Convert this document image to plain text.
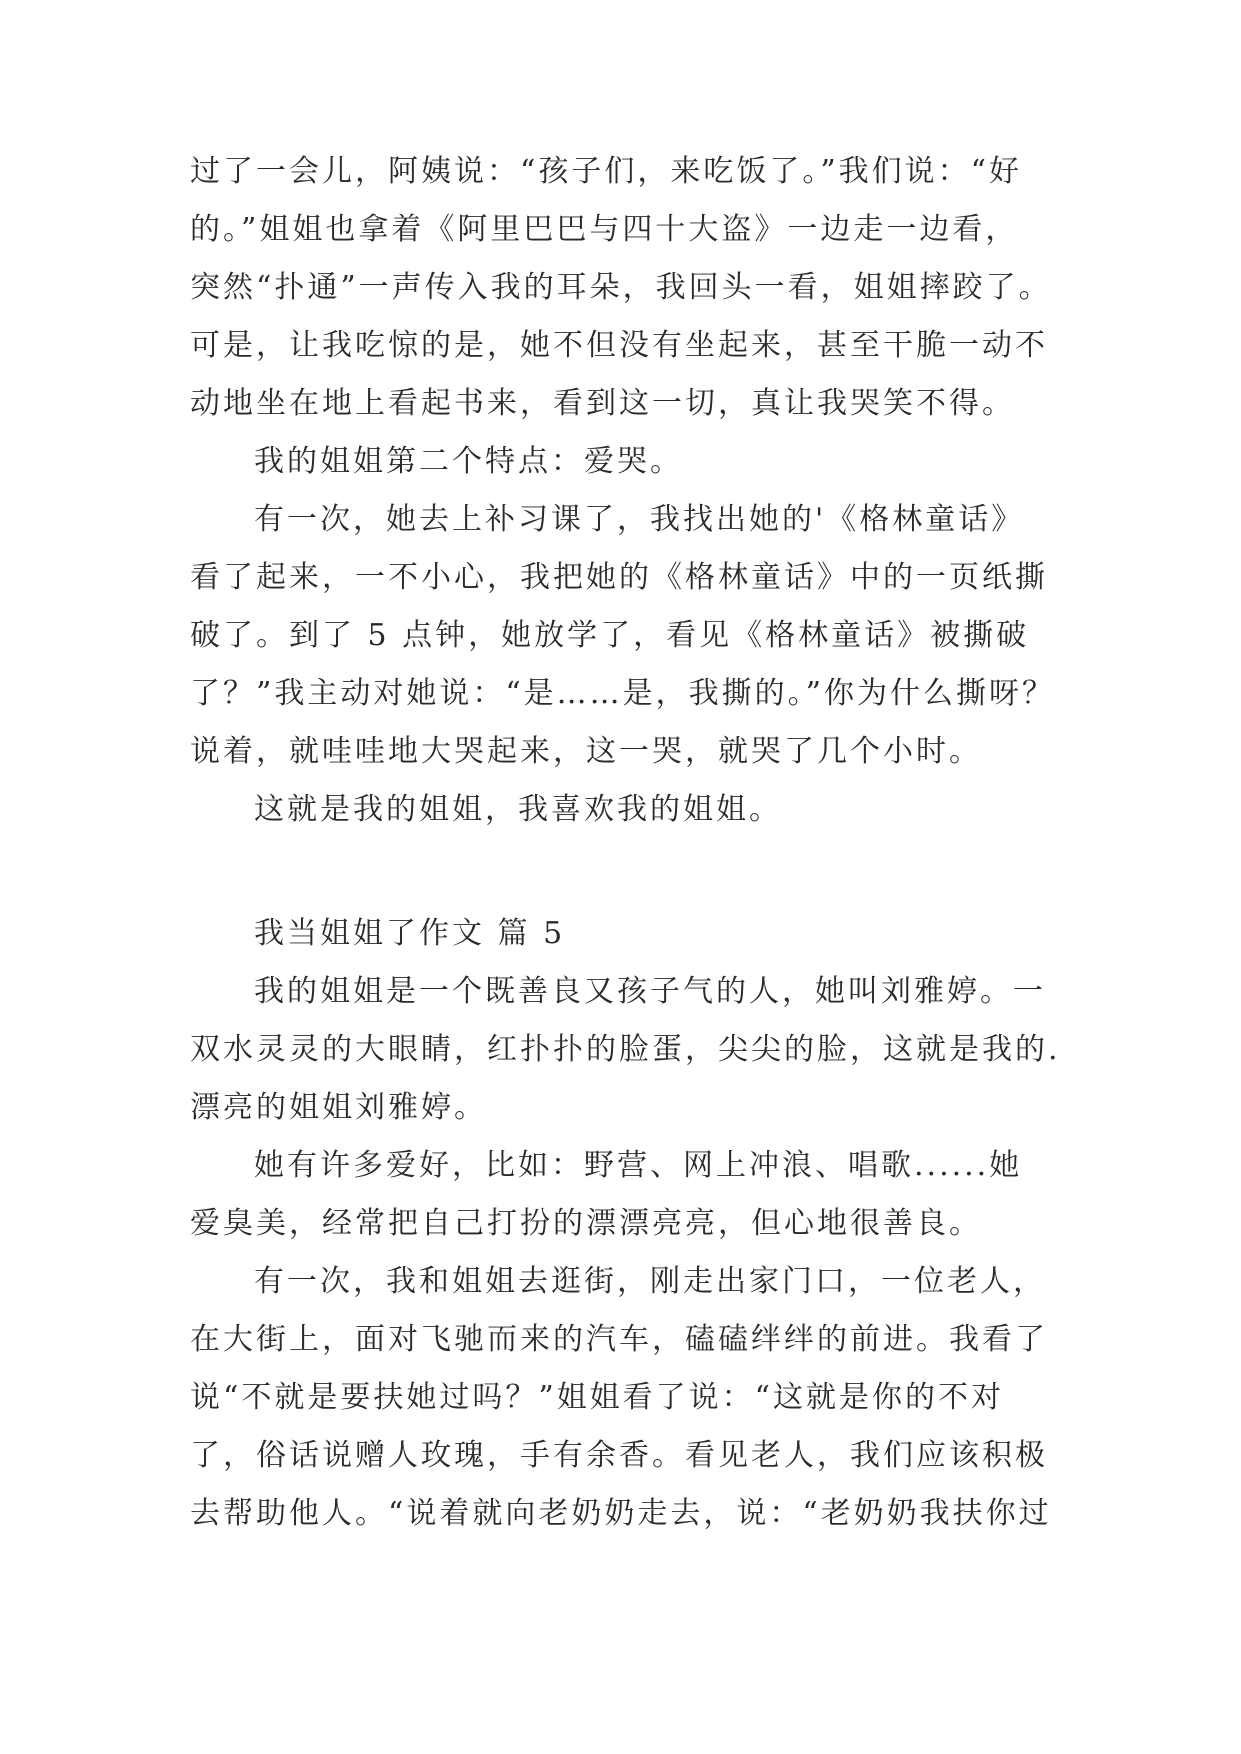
过了一会儿，阿姨说：“孩子们，来吃饭了。”我们说：“好

的。”姐姐也拿着《阿里巴巴与四十大盗》一边走一边看，

突然“扑通”一声传入我的耳朵，我回头一看，姐姐摔跤了。

可是，让我吃惊的是，她不但没有坐起来，甚至干脆一动不

动地坐在地上看起书来，看到这一切，真让我哭笑不得。

我的姐姐第二个特点：爱哭。

有一次，她去上补习课了，我找出她的'《格林童话》

看了起来，一不小心，我把她的《格林童话》中的一页纸撕

破了。到了 5 点钟，她放学了，看见《格林童话》被撕破

了？”我主动对她说：“是……是，我撕的。”你为什么撕呀？

说着，就哇哇地大哭起来，这一哭，就哭了几个小时。

这就是我的姐姐，我喜欢我的姐姐。

我当姐姐了作文 篇 5

我的姐姐是一个既善良又孩子气的人，她叫刘雅婷。一

双水灵灵的大眼睛，红扑扑的脸蛋，尖尖的脸，这就是我的.

漂亮的姐姐刘雅婷。

她有许多爱好，比如：野营、网上冲浪、唱歌......她

爱臭美，经常把自己打扮的漂漂亮亮，但心地很善良。

有一次，我和姐姐去逛街，刚走出家门口，一位老人，

在大街上，面对飞驰而来的汽车，磕磕绊绊的前进。我看了

说“不就是要扶她过吗？”姐姐看了说：“这就是你的不对

了，俗话说赠人玫瑰，手有余香。看见老人，我们应该积极

去帮助他人。“说着就向老奶奶走去，说：“老奶奶我扶你过
